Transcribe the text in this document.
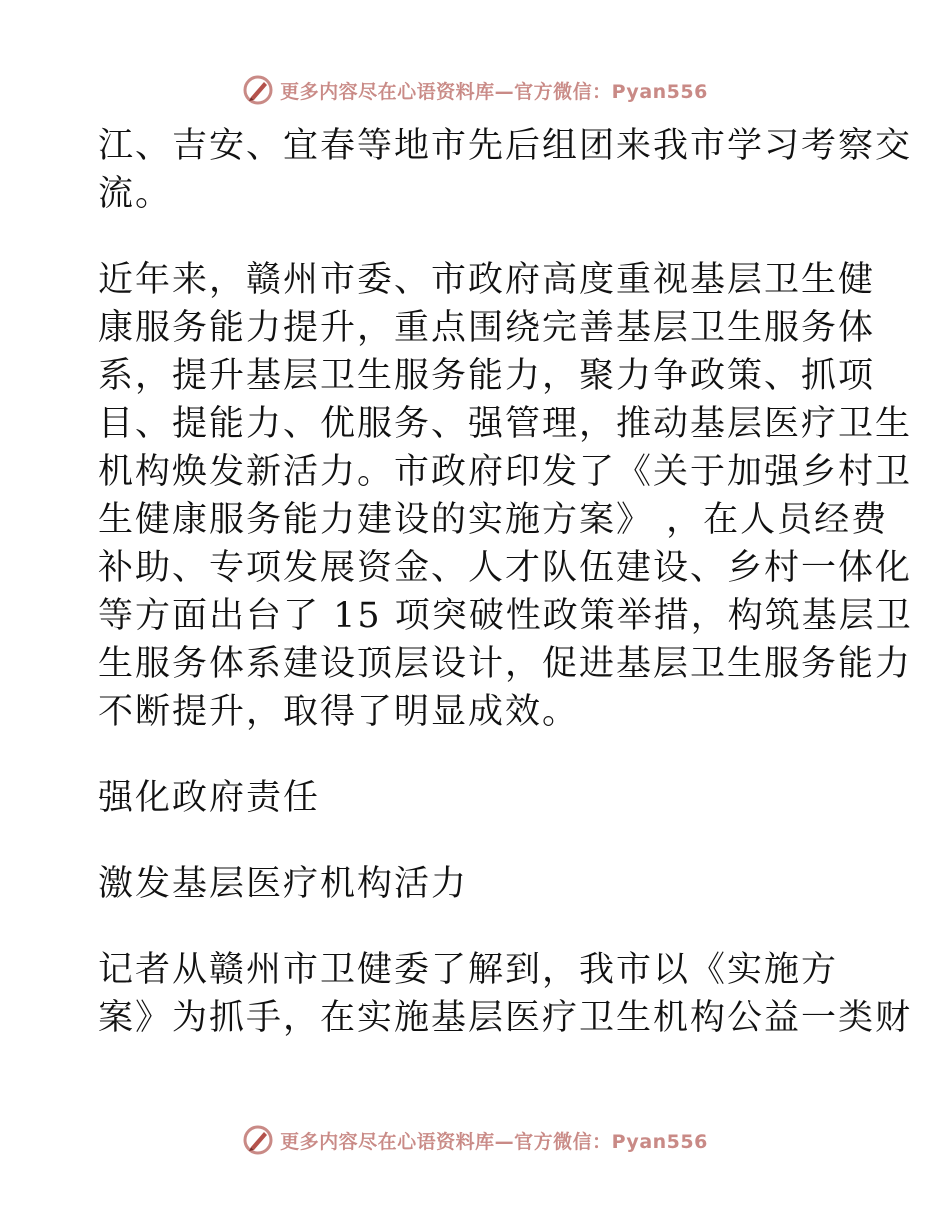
更多内容尽在心语资料库—官方微信：Pyan556
江、吉安、宜春等地市先后组团来我市学习考察交
流。
近年来，赣州市委、市政府高度重视基层卫生健
康服务能力提升，重点围绕完善基层卫生服务体
系，提升基层卫生服务能力，聚力争政策、抓项
目、提能力、优服务、强管理，推动基层医疗卫生
机构焕发新活力。市政府印发了《关于加强乡村卫
生健康服务能力建设的实施方案》 ，在人员经费
补助、专项发展资金、人才队伍建设、乡村一体化
等方面出台了 15 项突破性政策举措，构筑基层卫
生服务体系建设顶层设计，促进基层卫生服务能力
不断提升，取得了明显成效。
强化政府责任
激发基层医疗机构活力
记者从赣州市卫健委了解到，我市以《实施方
案》为抓手，在实施基层医疗卫生机构公益一类财
更多内容尽在心语资料库—官方微信：Pyan556
